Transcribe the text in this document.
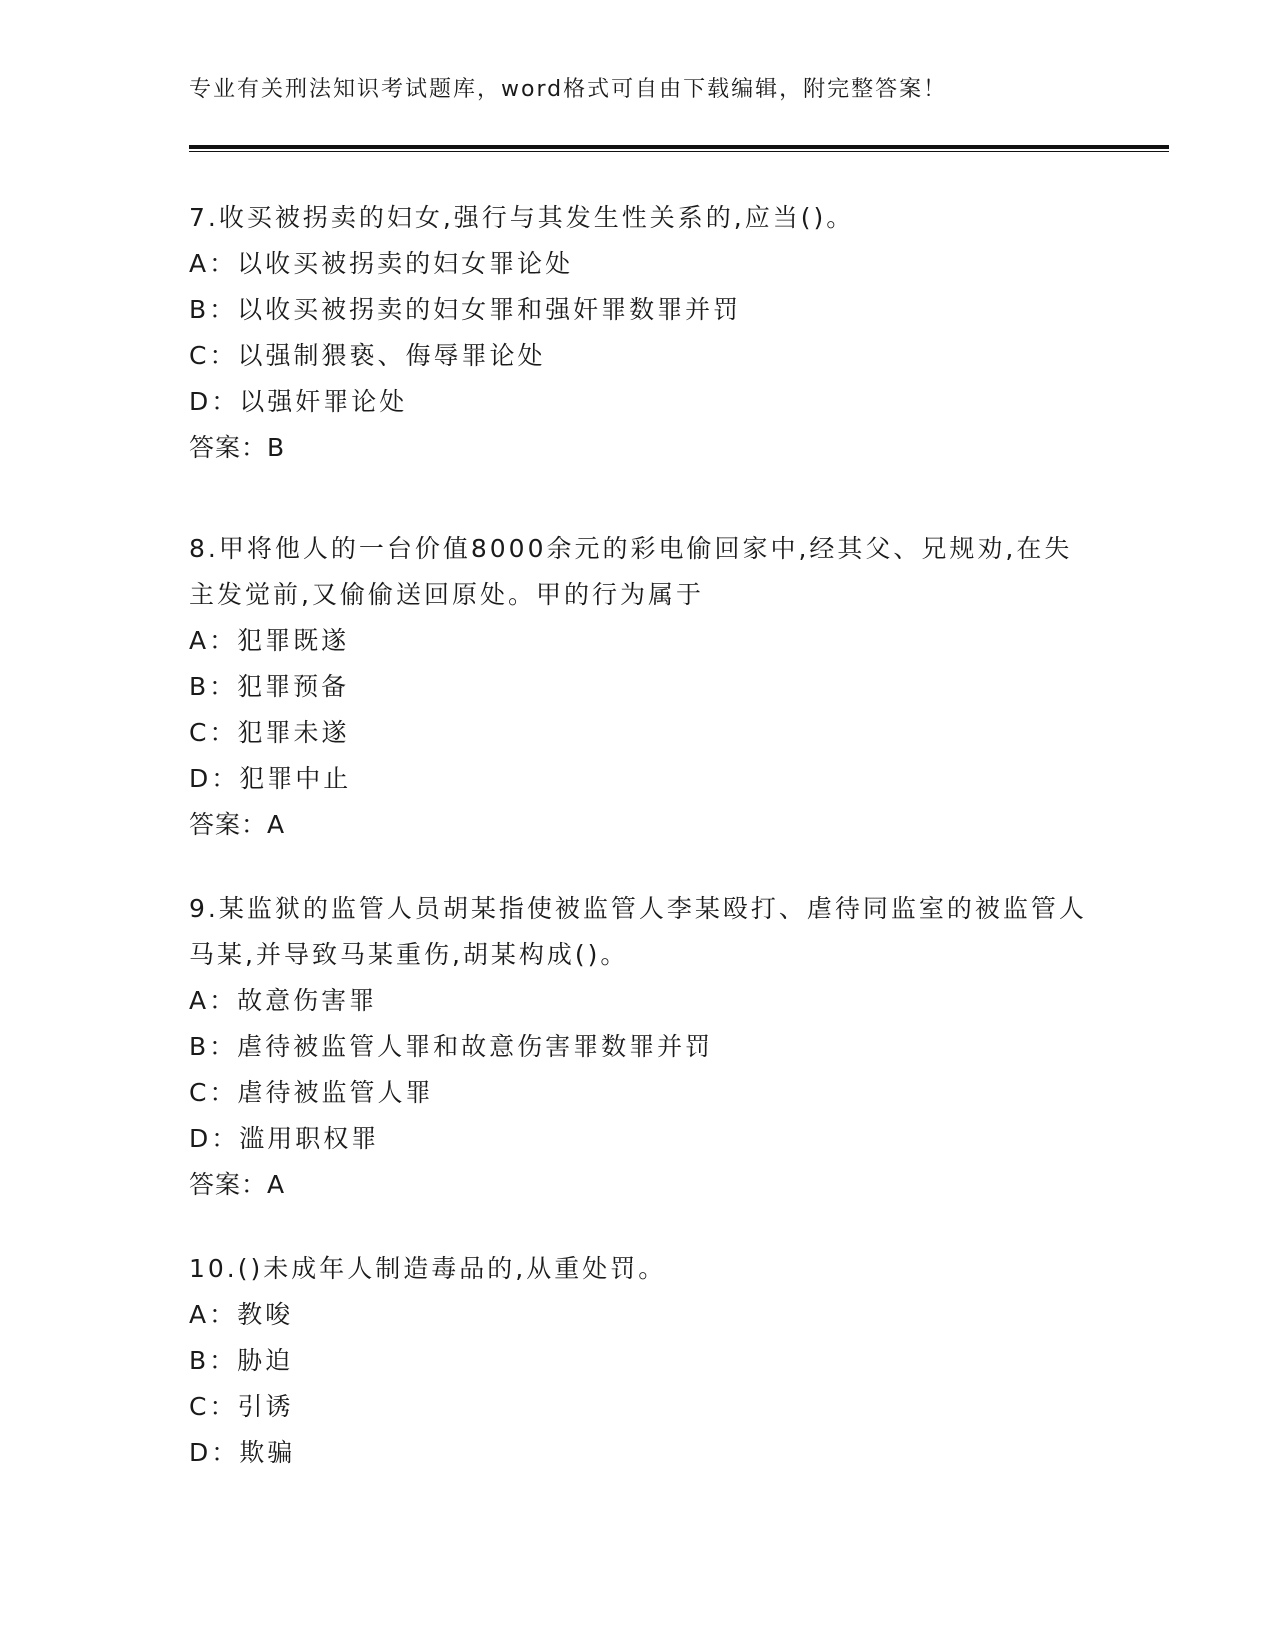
专业有关刑法知识考试题库，word格式可自由下载编辑，附完整答案！
7.收买被拐卖的妇女,强行与其发生性关系的,应当()。
A：以收买被拐卖的妇女罪论处
B：以收买被拐卖的妇女罪和强奸罪数罪并罚
C：以强制猥亵、侮辱罪论处
D：以强奸罪论处
答案：B
8.甲将他人的一台价值8000余元的彩电偷回家中,经其父、兄规劝,在失主发觉前,又偷偷送回原处。甲的行为属于
A：犯罪既遂
B：犯罪预备
C：犯罪未遂
D：犯罪中止
答案：A
9.某监狱的监管人员胡某指使被监管人李某殴打、虐待同监室的被监管人马某,并导致马某重伤,胡某构成()。
A：故意伤害罪
B：虐待被监管人罪和故意伤害罪数罪并罚
C：虐待被监管人罪
D：滥用职权罪
答案：A
10.()未成年人制造毒品的,从重处罚。
A：教唆
B：胁迫
C：引诱
D：欺骗
